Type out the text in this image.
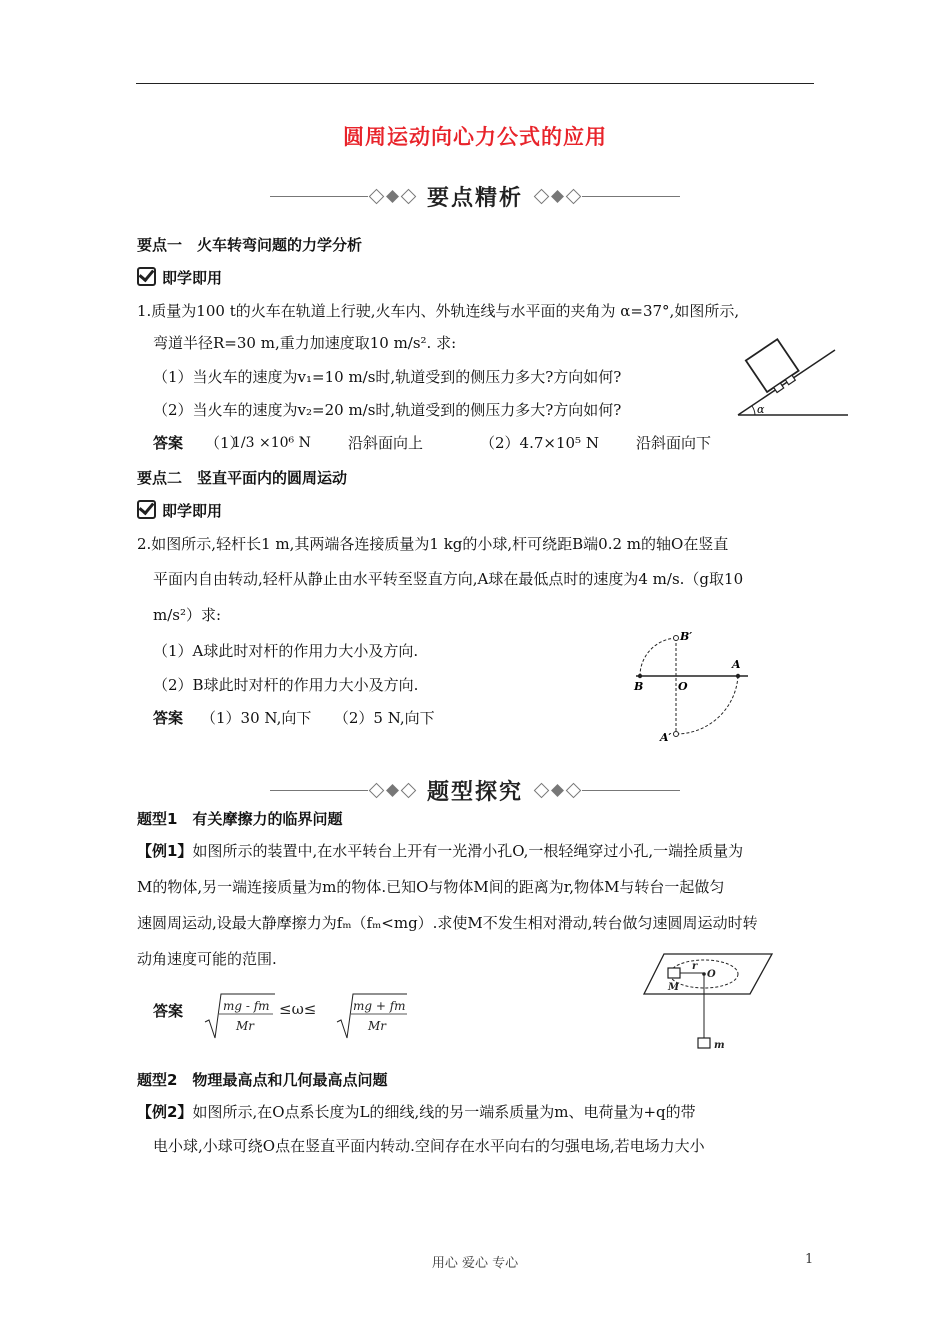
圆周运动向心力公式的应用
要点精析
要点一　火车转弯问题的力学分析
即学即用
1.质量为100 t的火车在轨道上行驶,火车内、外轨连线与水平面的夹角为 α=37°,如图所示,
弯道半径R=30 m,重力加速度取10 m/s². 求:
（1）当火车的速度为v₁=10 m/s时,轨道受到的侧压力多大?方向如何?
（2）当火车的速度为v₂=20 m/s时,轨道受到的侧压力多大?方向如何?
答案 （1）
1/3 ×10⁶ N 沿斜面向上	（2）4.7×10⁵ N 沿斜面向下
α
要点二　竖直平面内的圆周运动
即学即用
2.如图所示,轻杆长1 m,其两端各连接质量为1 kg的小球,杆可绕距B端0.2 m的轴O在竖直
平面内自由转动,轻杆从静止由水平转至竖直方向,A球在最低点时的速度为4 m/s.（g取10
m/s²）求:
（1）A球此时对杆的作用力大小及方向.
（2）B球此时对杆的作用力大小及方向.
答案 （1）30 N,向下　　（2）5 N,向下
B′
A
B	O
A′
题型探究
题型1　有关摩擦力的临界问题
【例1】如图所示的装置中,在水平转台上开有一光滑小孔O,一根轻绳穿过小孔,一端拴质量为
M的物体,另一端连接质量为m的物体.已知O与物体M间的距离为r,物体M与转台一起做匀
速圆周运动,设最大静摩擦力为fₘ（fₘ<mg）.求使M不发生相对滑动,转台做匀速圆周运动时转
动角速度可能的范围.
答案	mg - fm
Mr
≤ω≤	mg + fm
Mr
r
O
M
m
题型2　物理最高点和几何最高点问题
【例2】如图所示,在O点系长度为L的细线,线的另一端系质量为m、电荷量为+q的带
电小球,小球可绕O点在竖直平面内转动.空间存在水平向右的匀强电场,若电场力大小
用心 爱心 专心	1
